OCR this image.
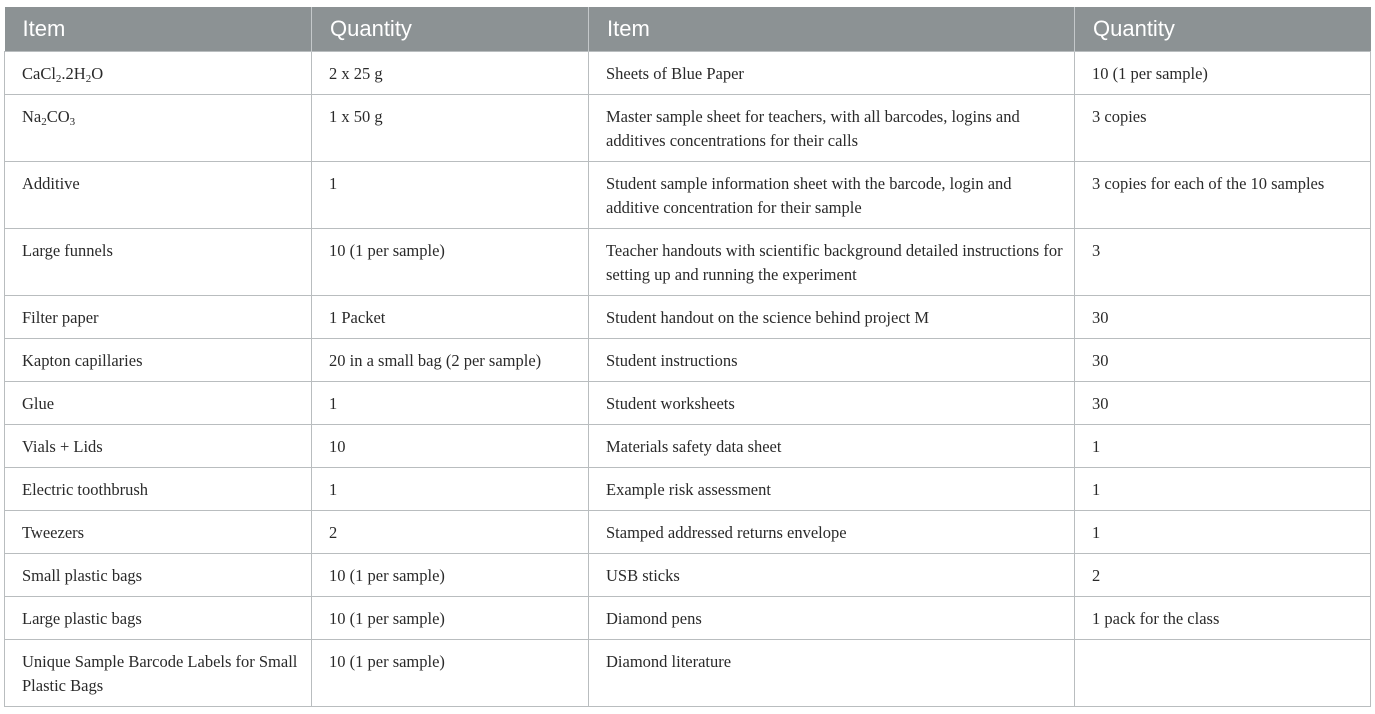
Item	Quantity	Item	Quantity
$CaCl_2.2H_2O$	2 x 25 g	Sheets of Blue Paper	10 (1 per sample)
$Na_2CO_3$	1 x 50 g	Master sample sheet for teachers, with all barcodes, logins and additives concentrations for their calls	3 copies
Additive	1	Student sample information sheet with the barcode, login and additive concentration for their sample	3 copies for each of the 10 samples
Large funnels	10 (1 per sample)	Teacher handouts with scientific background detailed instructions for setting up and running the experiment	3
Filter paper	1 Packet	Student handout on the science behind project M	30
Kapton capillaries	20 in a small bag (2 per sample)	Student instructions	30
Glue	1	Student worksheets	30
Vials + Lids	10	Materials safety data sheet	1
Electric toothbrush	1	Example risk assessment	1
Tweezers	2	Stamped addressed returns envelope	1
Small plastic bags	10 (1 per sample)	USB sticks	2
Large plastic bags	10 (1 per sample)	Diamond pens	1 pack for the class
Unique Sample Barcode Labels for Small Plastic Bags	10 (1 per sample)	Diamond literature	
